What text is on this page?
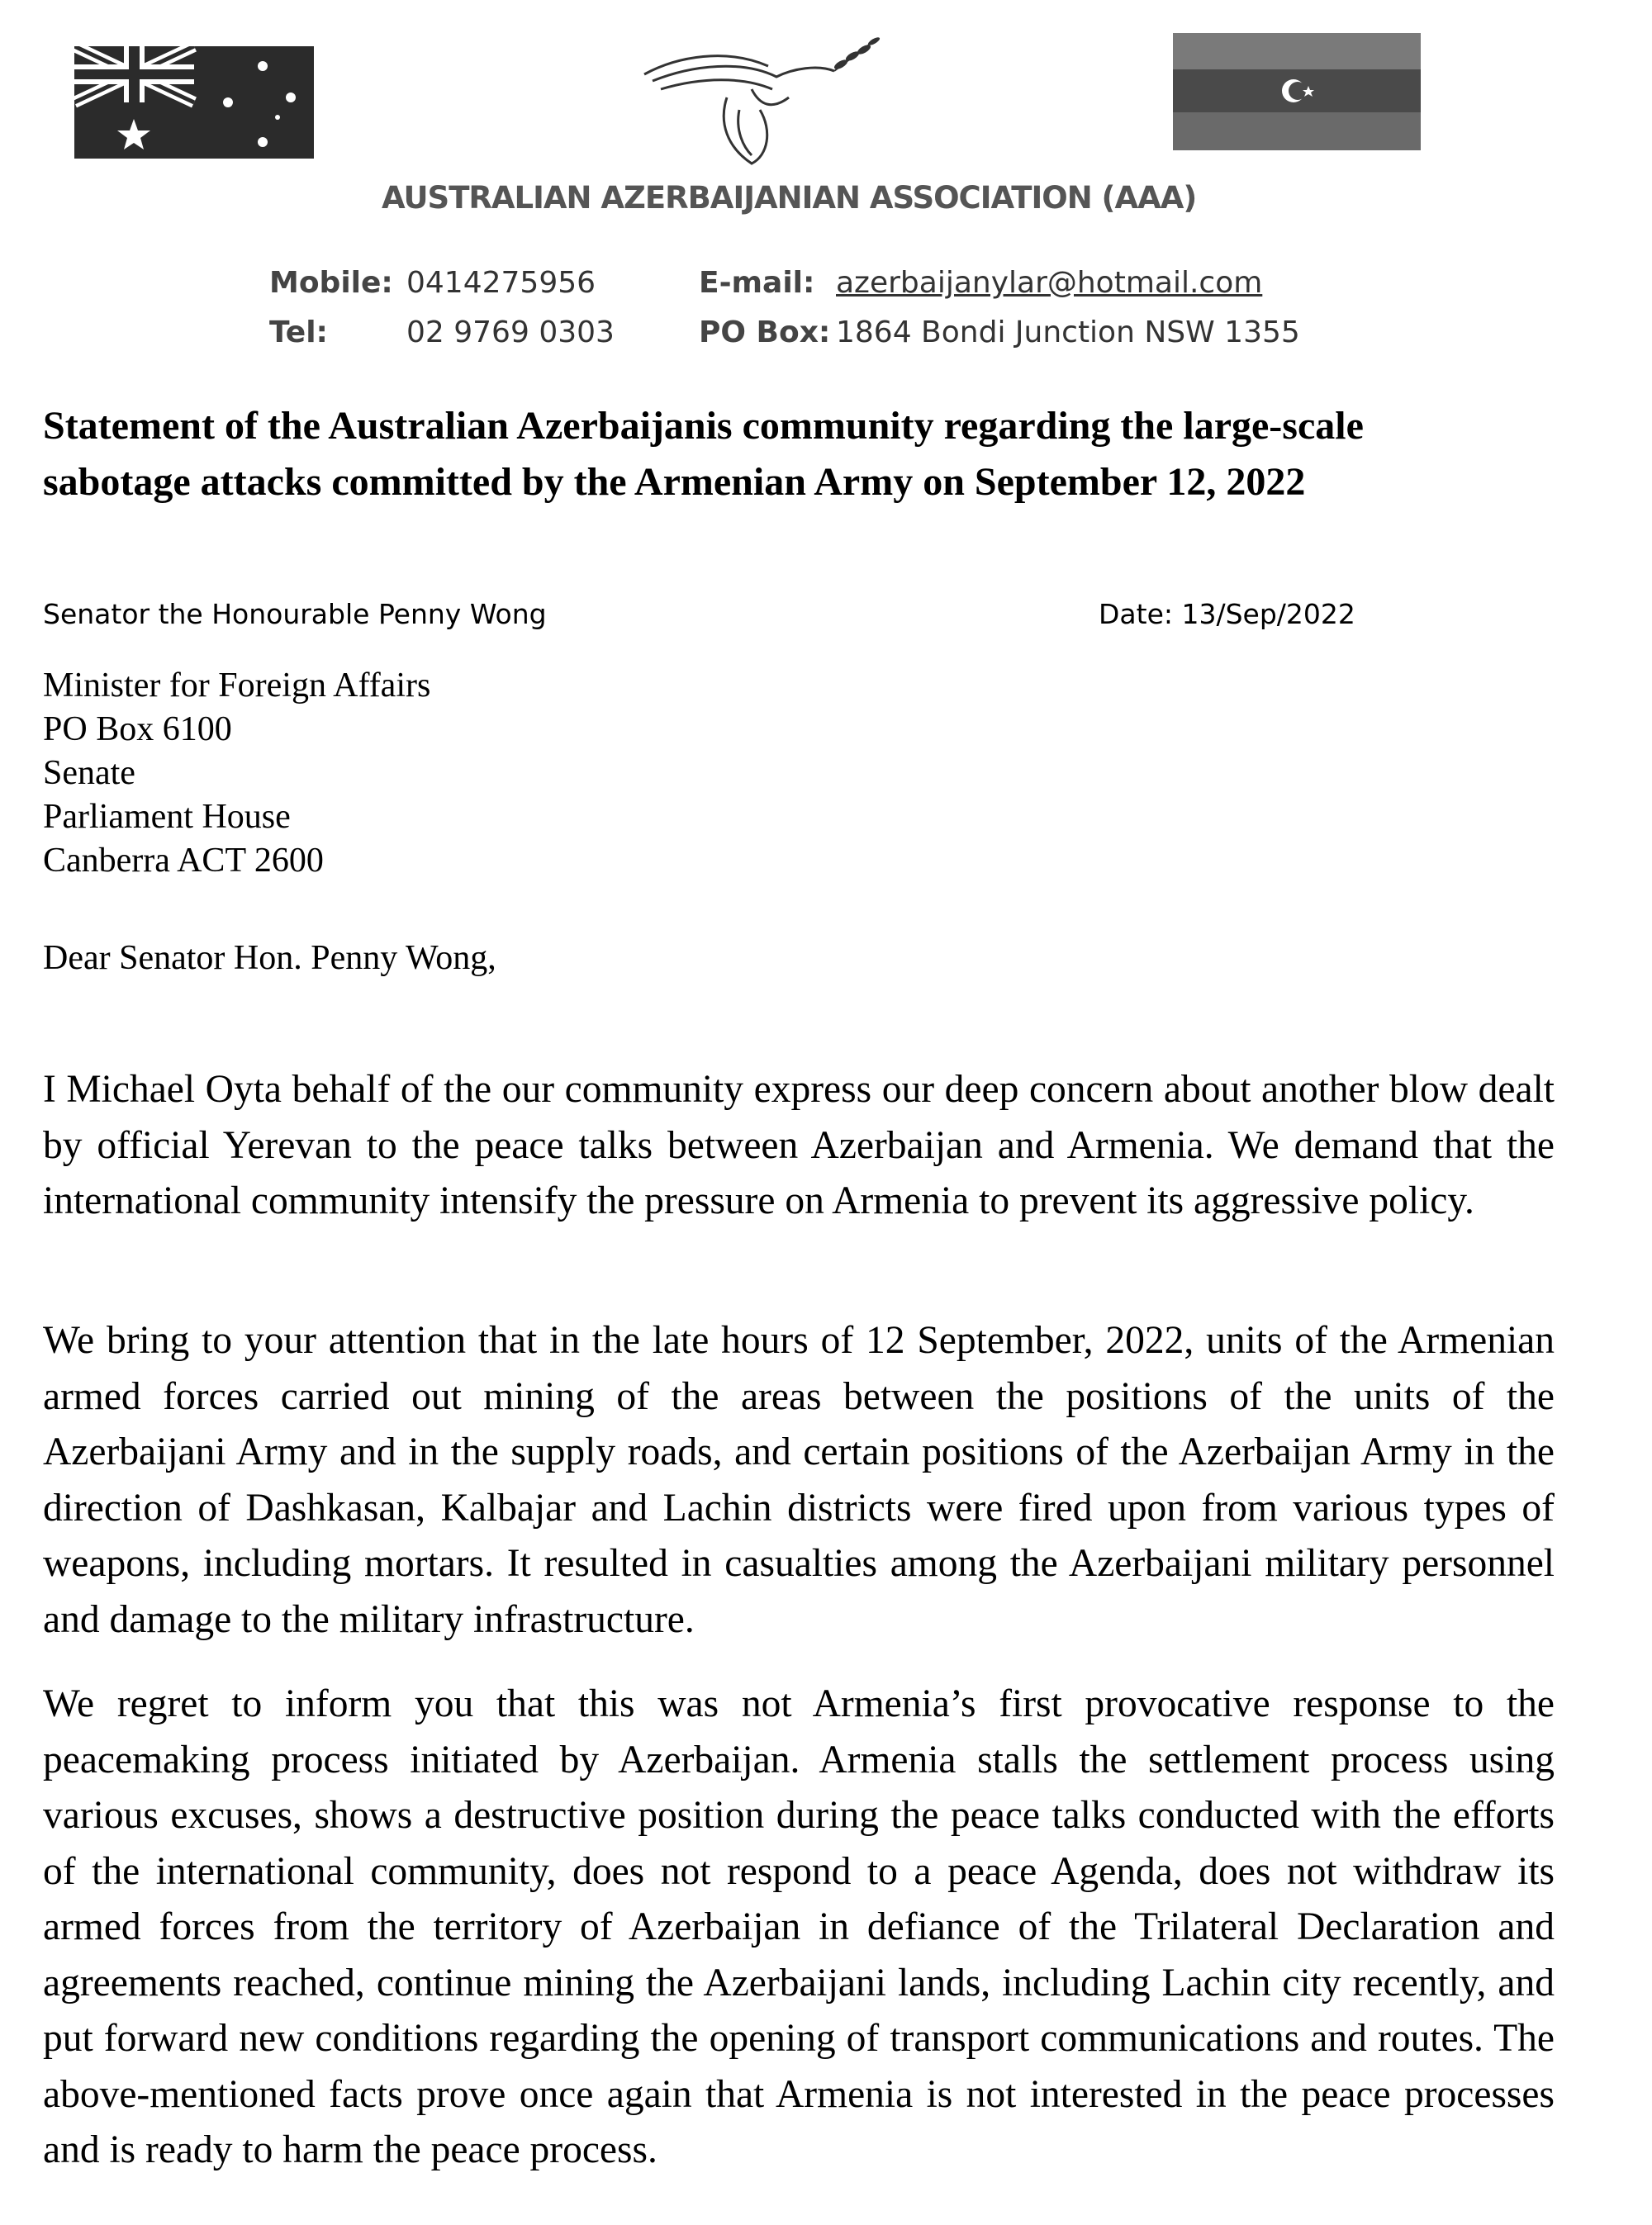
AUSTRALIAN AZERBAIJANIAN ASSOCIATION (AAA)
Mobile: 0414275956
Tel:	02 9769 0303
E-mail: azerbaijanylar@hotmail.com
PO Box: 1864 Bondi Junction NSW 1355
Statement of the Australian Azerbaijanis community regarding the large-scale sabotage attacks committed by the Armenian Army on September 12, 2022
Senator the Honourable Penny Wong	Date: 13/Sep/2022
Minister for Foreign Affairs
PO Box 6100
Senate
Parliament House
Canberra ACT 2600
Dear Senator Hon. Penny Wong,
I Michael Oyta behalf of the our community express our deep concern about another blow dealt by official Yerevan to the peace talks between Azerbaijan and Armenia. We demand that the international community intensify the pressure on Armenia to prevent its aggressive policy.
We bring to your attention that in the late hours of 12 September, 2022, units of the Armenian armed forces carried out mining of the areas between the positions of the units of the Azerbaijani Army and in the supply roads, and certain positions of the Azerbaijan Army in the direction of Dashkasan, Kalbajar and Lachin districts were fired upon from various types of weapons, including mortars. It resulted in casualties among the Azerbaijani military personnel and damage to the military infrastructure.
We regret to inform you that this was not Armenia’s first provocative response to the peacemaking process initiated by Azerbaijan. Armenia stalls the settlement process using various excuses, shows a destructive position during the peace talks conducted with the efforts of the international community, does not respond to a peace Agenda, does not withdraw its armed forces from the territory of Azerbaijan in defiance of the Trilateral Declaration and agreements reached, continue mining the Azerbaijani lands, including Lachin city recently, and put forward new conditions regarding the opening of transport communications and routes. The above-mentioned facts prove once again that Armenia is not interested in the peace processes and is ready to harm the peace process.
